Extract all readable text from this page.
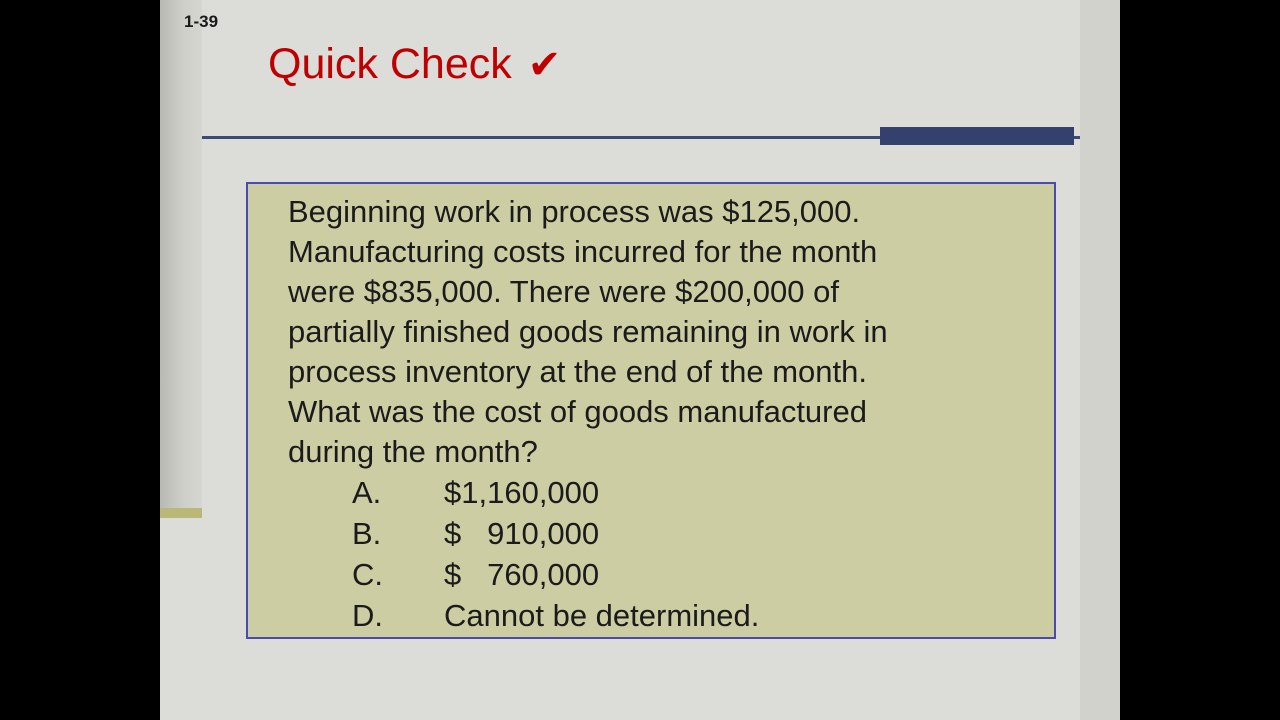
1-39
Quick Check ✔

Beginning work in process was $125,000.

Manufacturing costs incurred for the month

were $835,000. There were $200,000 of

partially finished goods remaining in work in

process inventory at the end of the month.

What was the cost of goods manufactured

during the month?

A. $1,160,000
B. $   910,000
C. $   760,000
D. Cannot be determined.
